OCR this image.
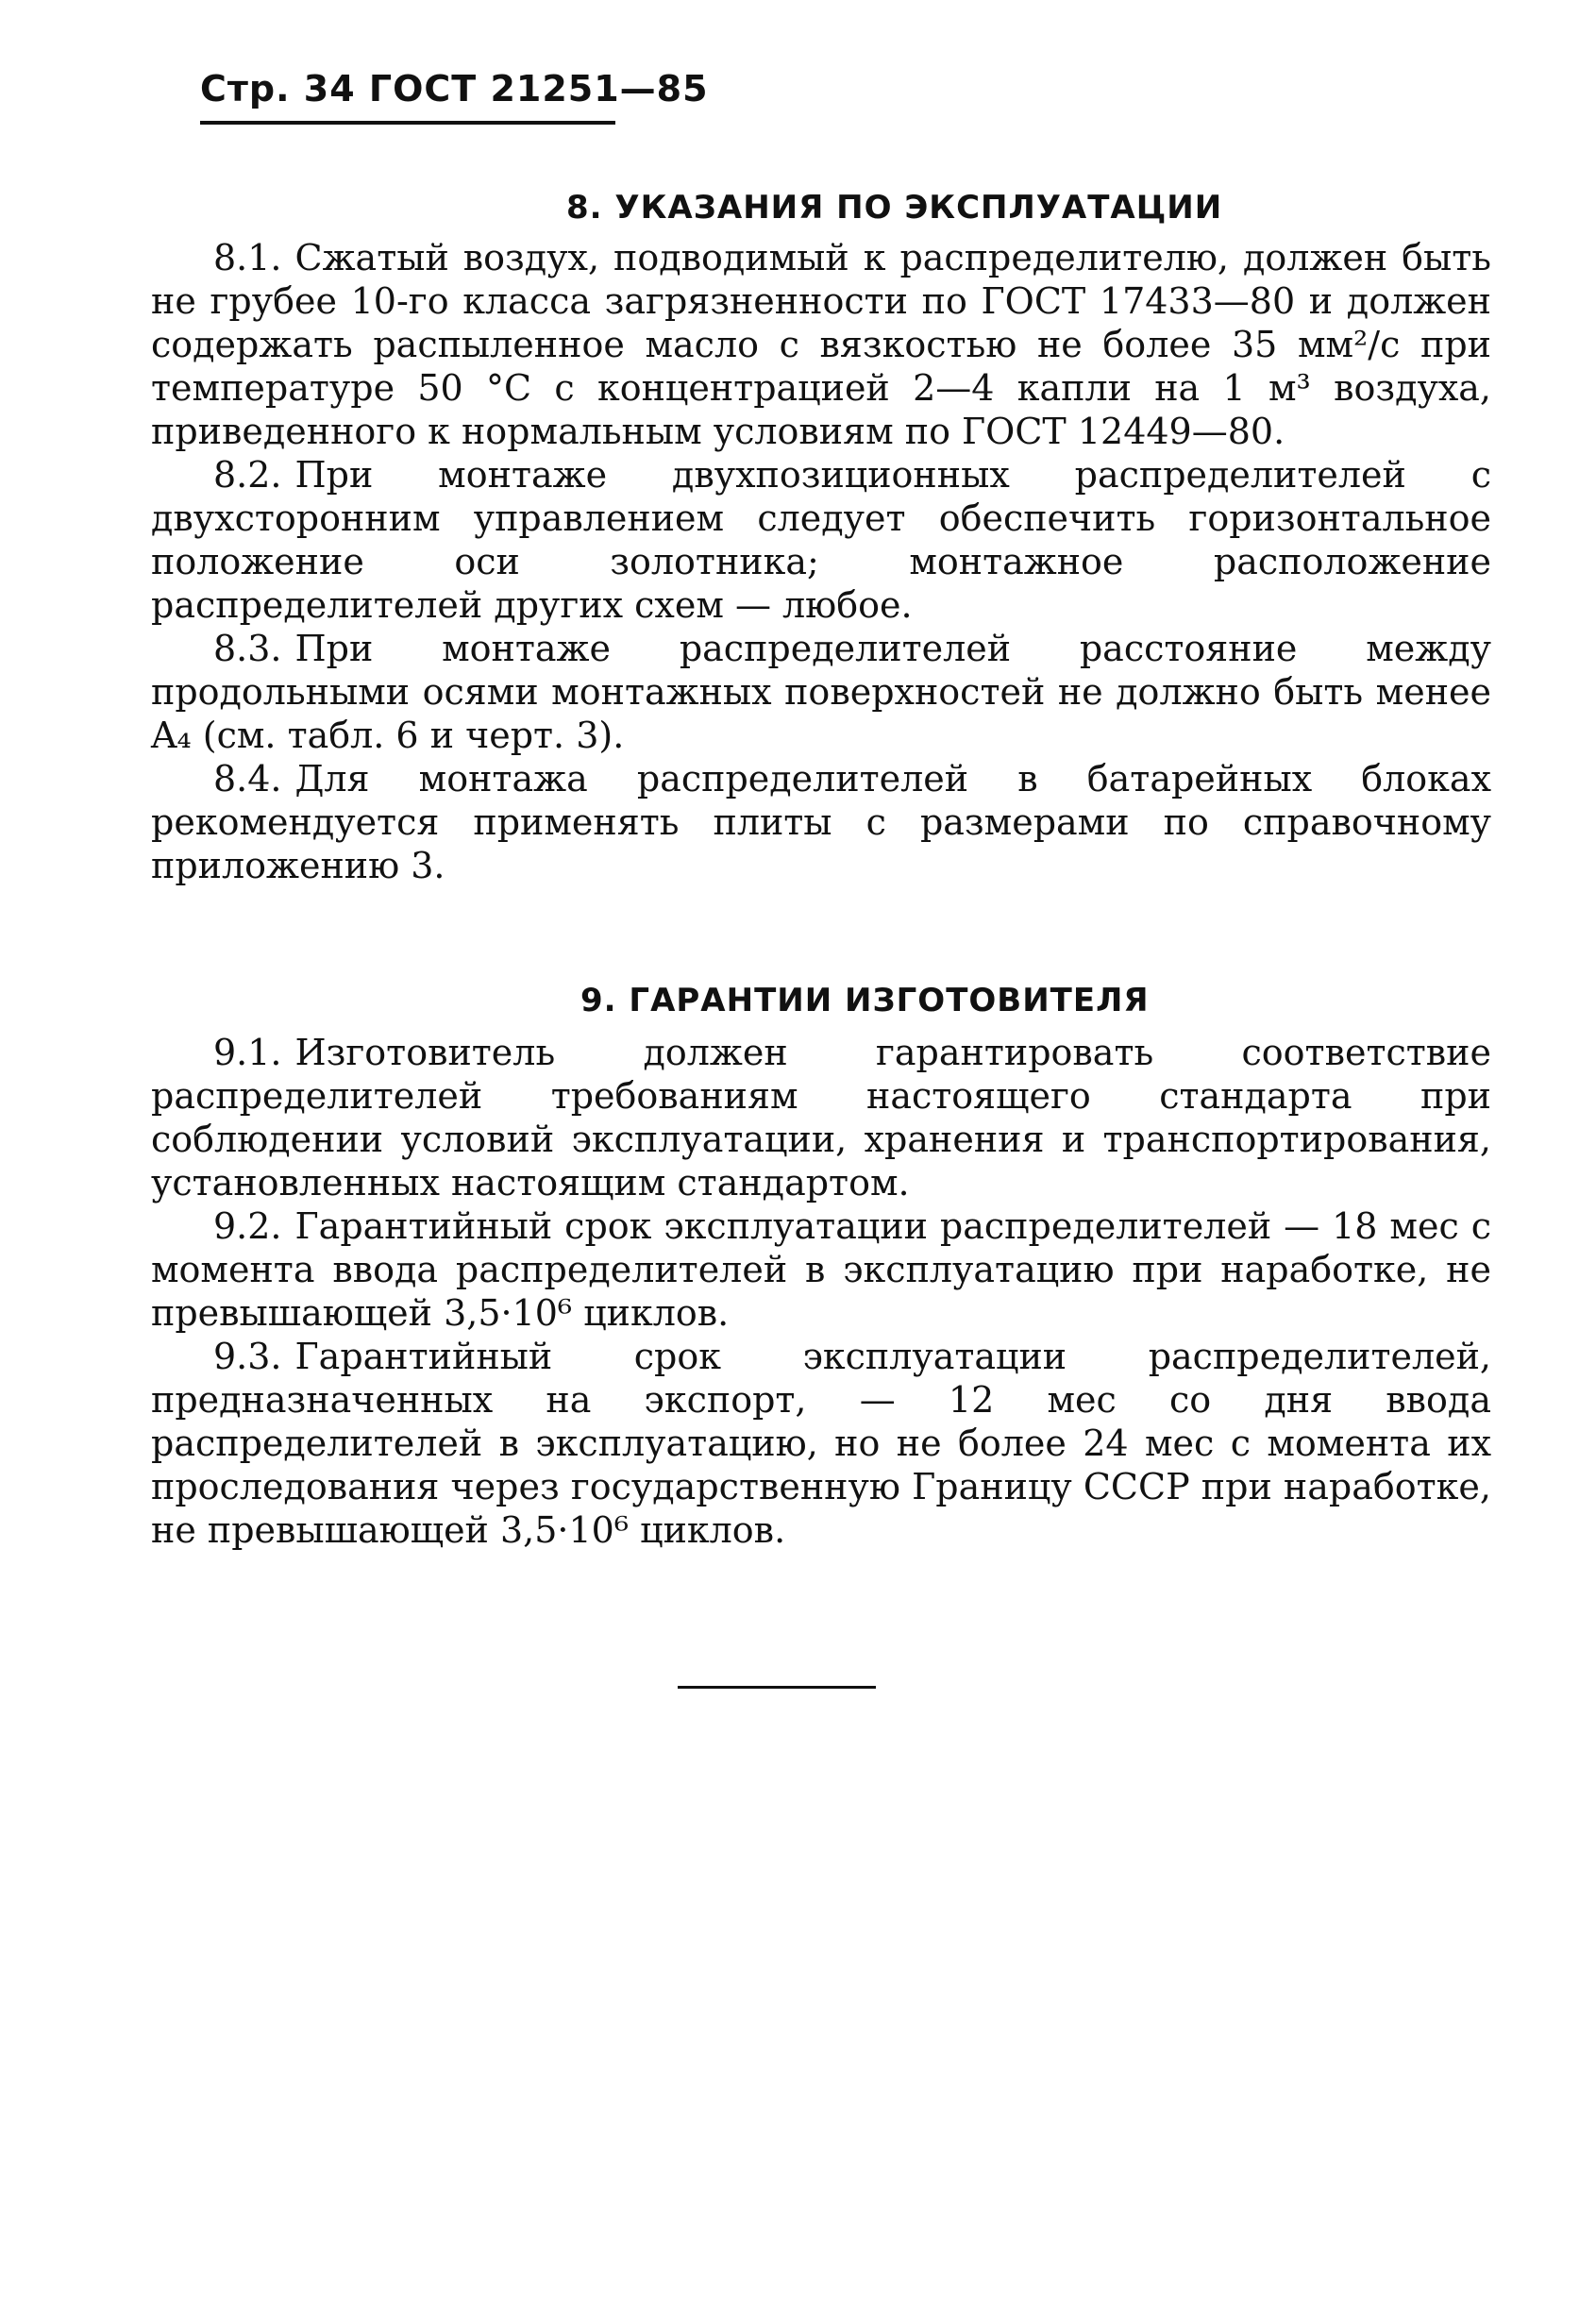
Стр. 34 ГОСТ 21251—85
8. УКАЗАНИЯ ПО ЭКСПЛУАТАЦИИ

8.1. Сжатый воздух, подводимый к распределителю, должен быть не грубее 10-го класса загрязненности по ГОСТ 17433—80 и должен содержать распыленное масло с вязкостью не более 35 мм²/с при температуре 50 °С с концентрацией 2—4 капли на 1 м³ воздуха, приведенного к нормальным условиям по ГОСТ 12449—80.

8.2. При монтаже двухпозиционных распределителей с двухсторонним управлением следует обеспечить горизонтальное положение оси золотника; монтажное расположение распределителей других схем — любое.

8.3. При монтаже распределителей расстояние между продольными осями монтажных поверхностей не должно быть менее A₄ (см. табл. 6 и черт. 3).

8.4. Для монтажа распределителей в батарейных блоках рекомендуется применять плиты с размерами по справочному приложению 3.

9. ГАРАНТИИ ИЗГОТОВИТЕЛЯ

9.1. Изготовитель должен гарантировать соответствие распределителей требованиям настоящего стандарта при соблюдении условий эксплуатации, хранения и транспортирования, установленных настоящим стандартом.

9.2. Гарантийный срок эксплуатации распределителей — 18 мес с момента ввода распределителей в эксплуатацию при наработке, не превышающей 3,5·10⁶ циклов.

9.3. Гарантийный срок эксплуатации распределителей, предназначенных на экспорт, — 12 мес со дня ввода распределителей в эксплуатацию, но не более 24 мес с момента их проследования через государственную Границу СССР при наработке, не превышающей 3,5·10⁶ циклов.
